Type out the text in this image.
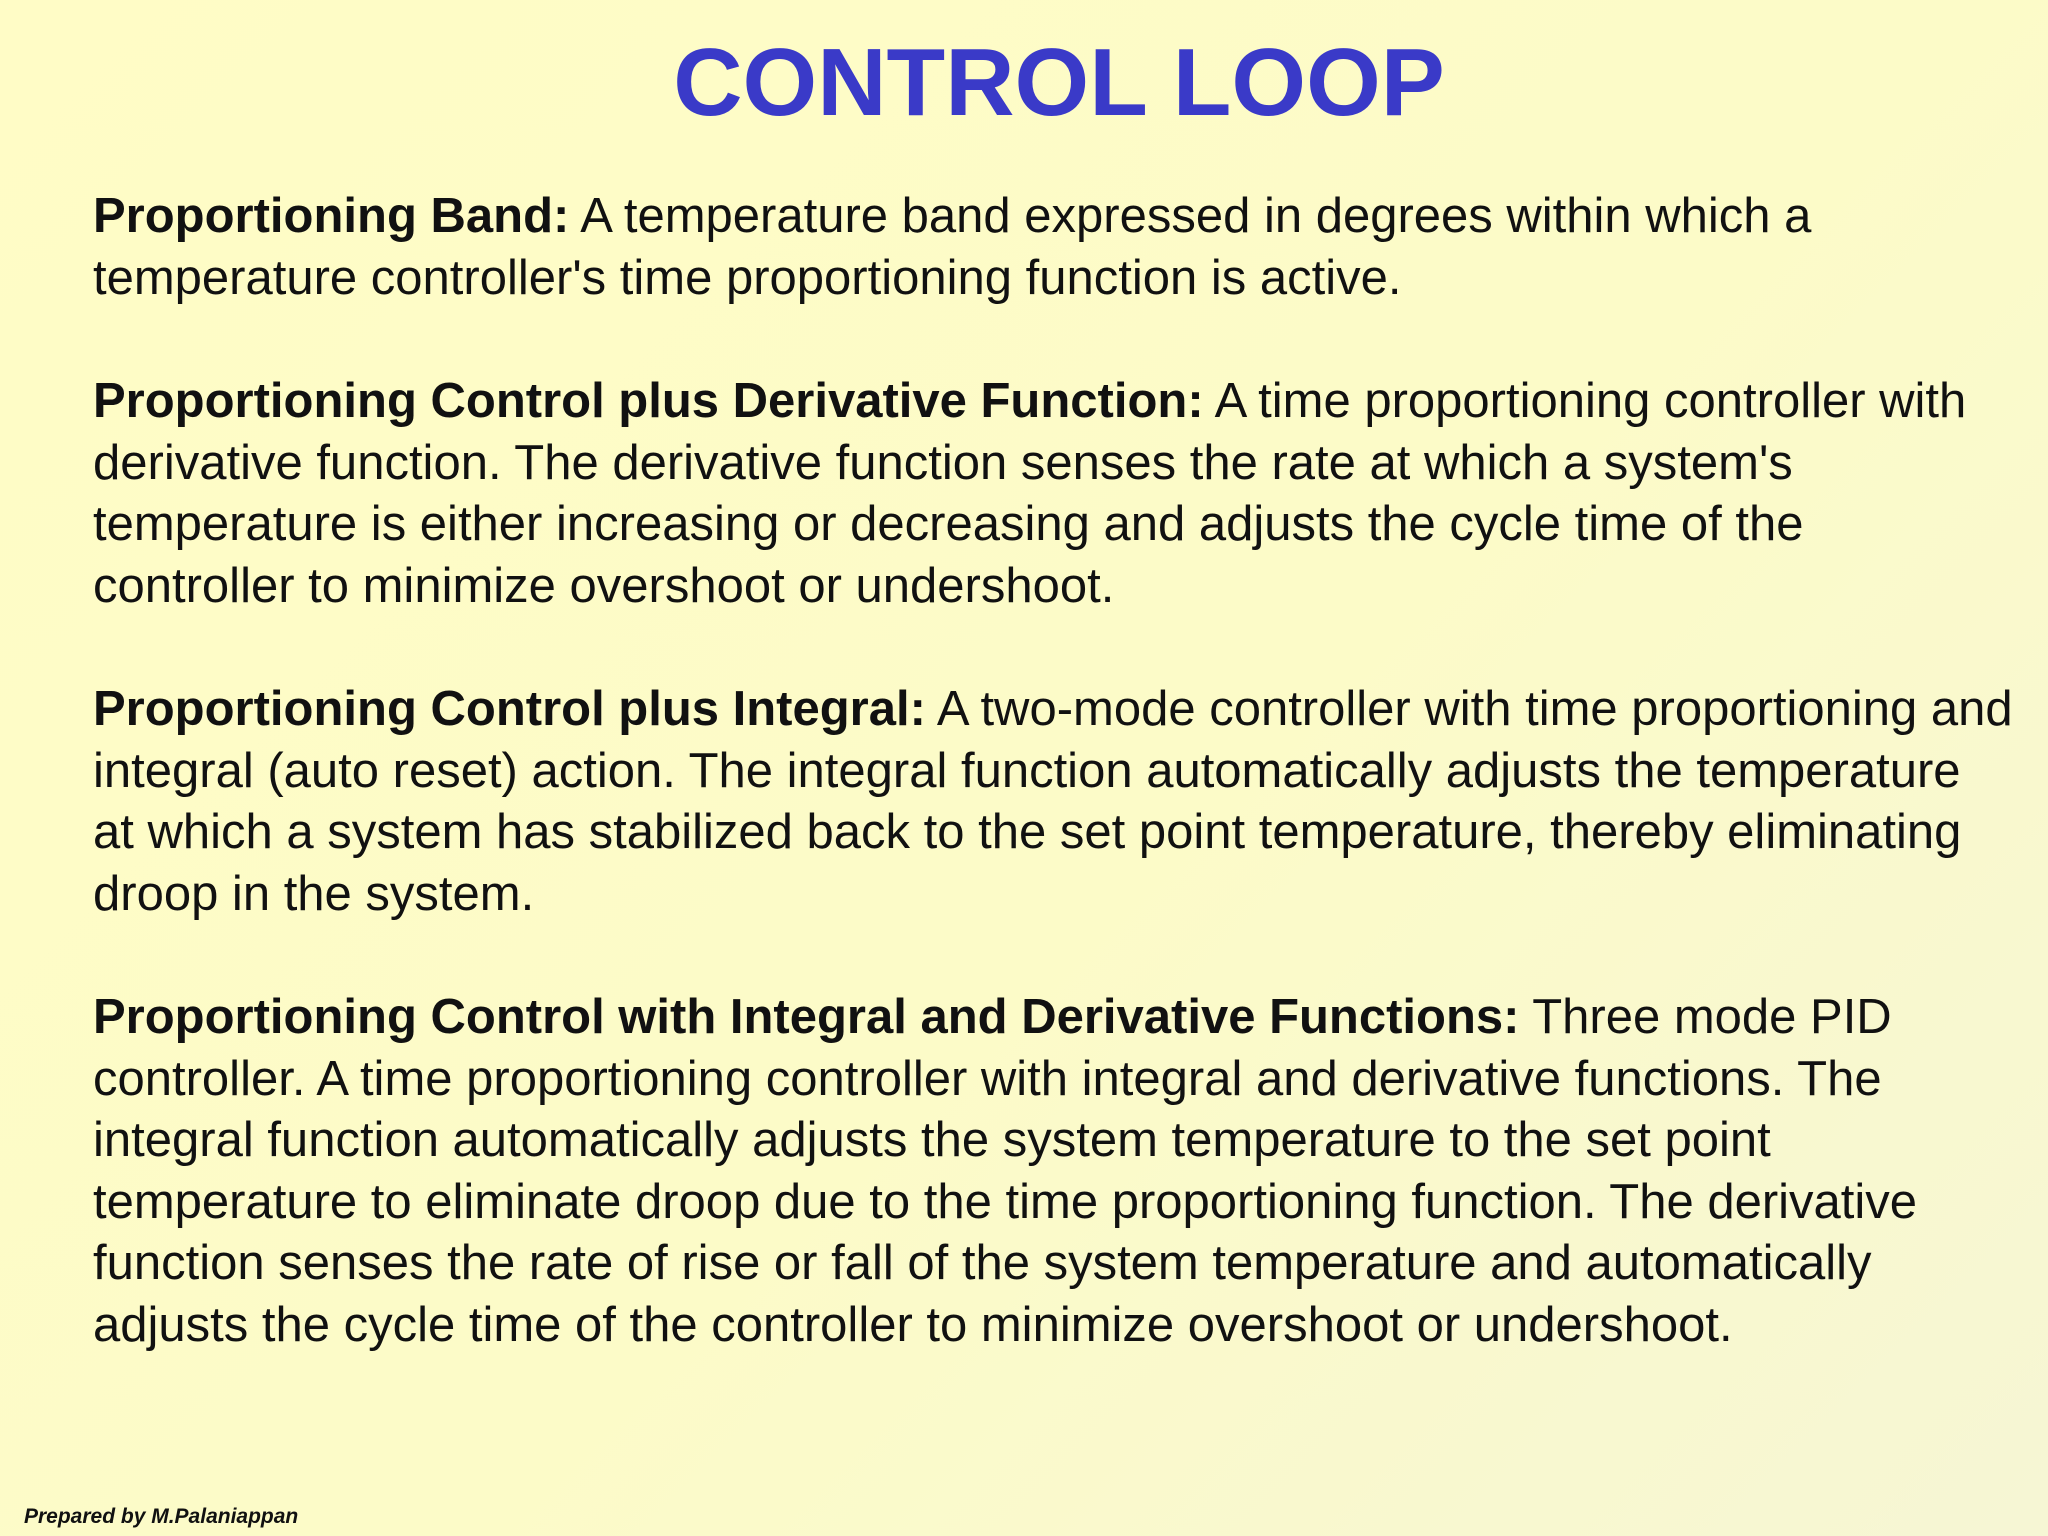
CONTROL LOOP

Proportioning Band: A temperature band expressed in degrees within which a temperature controller's time proportioning function is active.

Proportioning Control plus Derivative Function: A time proportioning controller with derivative function. The derivative function senses the rate at which a system's temperature is either increasing or decreasing and adjusts the cycle time of the controller to minimize overshoot or undershoot.

Proportioning Control plus Integral: A two-mode controller with time proportioning and integral (auto reset) action. The integral function automatically adjusts the temperature at which a system has stabilized back to the set point temperature, thereby eliminating droop in the system.

Proportioning Control with Integral and Derivative Functions: Three mode PID controller. A time proportioning controller with integral and derivative functions. The integral function automatically adjusts the system temperature to the set point temperature to eliminate droop due to the time proportioning function. The derivative function senses the rate of rise or fall of the system temperature and automatically adjusts the cycle time of the controller to minimize overshoot or undershoot.

Prepared by M.Palaniappan
